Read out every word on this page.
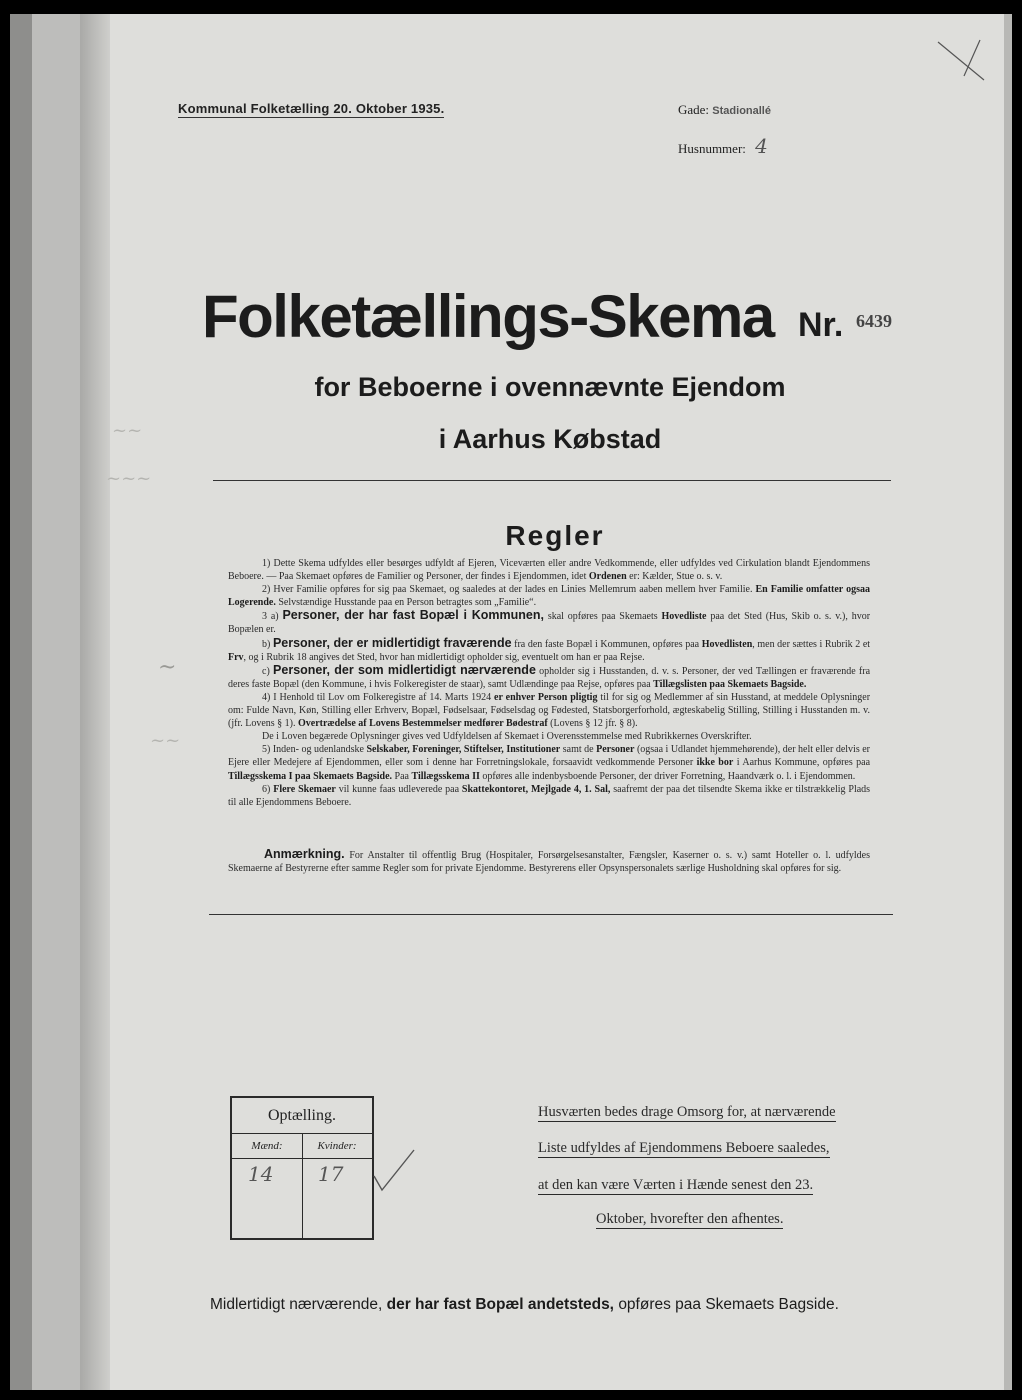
~~
~~~
~
~~
Kommunal Folketælling 20. Oktober 1935.	Gade: Stadionallé
Husnummer: 4
Folketællings-Skema Nr. 6439
for Beboerne i ovennævnte Ejendom
i Aarhus Købstad
Regler

1) Dette Skema udfyldes eller besørges udfyldt af Ejeren, Viceværten eller andre Vedkommende, eller udfyldes ved Cirkulation blandt Ejendommens Beboere. — Paa Skemaet opføres de Familier og Personer, der findes i Ejendommen, idet Ordenen er: Kælder, Stue o. s. v.

2) Hver Familie opføres for sig paa Skemaet, og saaledes at der lades en Linies Mellemrum aaben mellem hver Familie. En Familie omfatter ogsaa Logerende. Selvstændige Husstande paa en Person betragtes som „Familie“.

3 a) Personer, der har fast Bopæl i Kommunen, skal opføres paa Skemaets Hovedliste paa det Sted (Hus, Skib o. s. v.), hvor Bopælen er.

b) Personer, der er midlertidigt fraværende fra den faste Bopæl i Kommunen, opføres paa Hovedlisten, men der sættes i Rubrik 2 et Frv, og i Rubrik 18 angives det Sted, hvor han midlertidigt opholder sig, eventuelt om han er paa Rejse.

c) Personer, der som midlertidigt nærværende opholder sig i Husstanden, d. v. s. Personer, der ved Tællingen er fraværende fra deres faste Bopæl (den Kommune, i hvis Folkeregister de staar), samt Udlændinge paa Rejse, opføres paa Tillægslisten paa Skemaets Bagside.

4) I Henhold til Lov om Folkeregistre af 14. Marts 1924 er enhver Person pligtig til for sig og Medlemmer af sin Husstand, at meddele Oplysninger om: Fulde Navn, Køn, Stilling eller Erhverv, Bopæl, Fødselsaar, Fødselsdag og Fødested, Statsborgerforhold, ægteskabelig Stilling, Stilling i Husstanden m. v. (jfr. Lovens § 1). Overtrædelse af Lovens Bestemmelser medfører Bødestraf (Lovens § 12 jfr. § 8).

De i Loven begærede Oplysninger gives ved Udfyldelsen af Skemaet i Overensstemmelse med Rubrikkernes Overskrifter.

5) Inden- og udenlandske Selskaber, Foreninger, Stiftelser, Institutioner samt de Personer (ogsaa i Udlandet hjemmehørende), der helt eller delvis er Ejere eller Medejere af Ejendommen, eller som i denne har Forretningslokale, forsaavidt vedkommende Personer ikke bor i Aarhus Kommune, opføres paa Tillægsskema I paa Skemaets Bagside. Paa Tillægsskema II opføres alle indenbysboende Personer, der driver Forretning, Haandværk o. l. i Ejendommen.

6) Flere Skemaer vil kunne faas udleverede paa Skattekontoret, Mejlgade 4, 1. Sal, saafremt der paa det tilsendte Skema ikke er tilstrækkelig Plads til alle Ejendommens Beboere.

Anmærkning. For Anstalter til offentlig Brug (Hospitaler, Forsørgelsesanstalter, Fængsler, Kaserner o. s. v.) samt Hoteller o. l. udfyldes Skemaerne af Bestyrerne efter samme Regler som for private Ejendomme. Bestyrerens eller Opsynspersonalets særlige Husholdning skal opføres for sig.
Optælling.
Mænd:
14
Kvinder:
17
Husværten bedes drage Omsorg for, at nærværende
Liste udfyldes af Ejendommens Beboere saaledes,
at den kan være Værten i Hænde senest den 23.
Oktober, hvorefter den afhentes.
Midlertidigt nærværende, der har fast Bopæl andetsteds, opføres paa Skemaets Bagside.
